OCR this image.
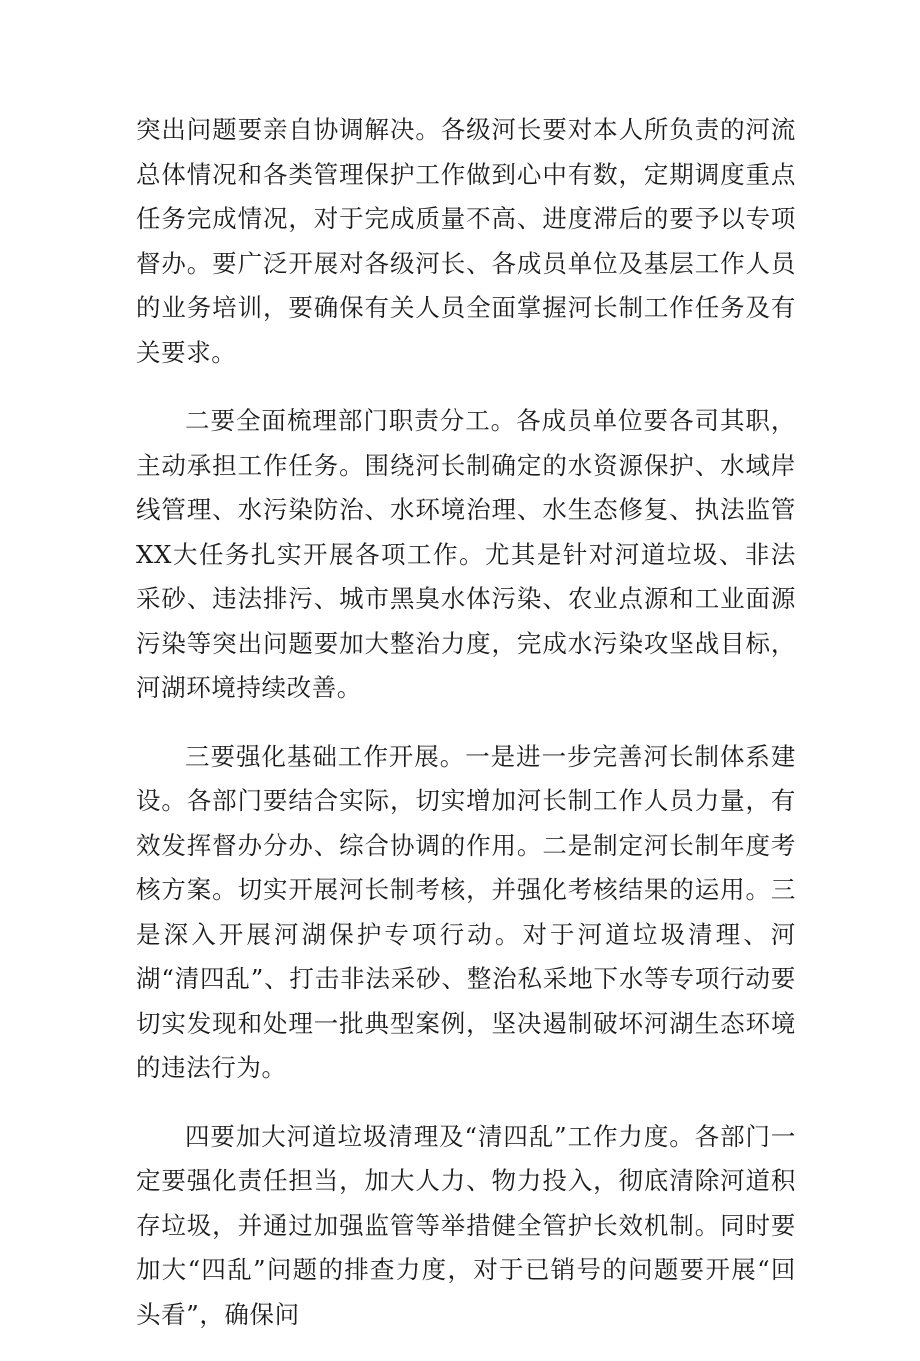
突出问题要亲自协调解决。各级河长要对本人所负责的河流总体情况和各类管理保护工作做到心中有数，定期调度重点任务完成情况，对于完成质量不高、进度滞后的要予以专项督办。要广泛开展对各级河长、各成员单位及基层工作人员的业务培训，要确保有关人员全面掌握河长制工作任务及有关要求。

二要全面梳理部门职责分工。各成员单位要各司其职，主动承担工作任务。围绕河长制确定的水资源保护、水域岸线管理、水污染防治、水环境治理、水生态修复、执法监管XX大任务扎实开展各项工作。尤其是针对河道垃圾、非法采砂、违法排污、城市黑臭水体污染、农业点源和工业面源污染等突出问题要加大整治力度，完成水污染攻坚战目标，河湖环境持续改善。

三要强化基础工作开展。一是进一步完善河长制体系建设。各部门要结合实际，切实增加河长制工作人员力量，有效发挥督办分办、综合协调的作用。二是制定河长制年度考核方案。切实开展河长制考核，并强化考核结果的运用。三是深入开展河湖保护专项行动。对于河道垃圾清理、河湖“清四乱”、打击非法采砂、整治私采地下水等专项行动要切实发现和处理一批典型案例，坚决遏制破坏河湖生态环境的违法行为。

四要加大河道垃圾清理及“清四乱”工作力度。各部门一定要强化责任担当，加大人力、物力投入，彻底清除河道积存垃圾，并通过加强监管等举措健全管护长效机制。同时要加大“四乱”问题的排查力度，对于已销号的问题要开展“回头看”，确保问
